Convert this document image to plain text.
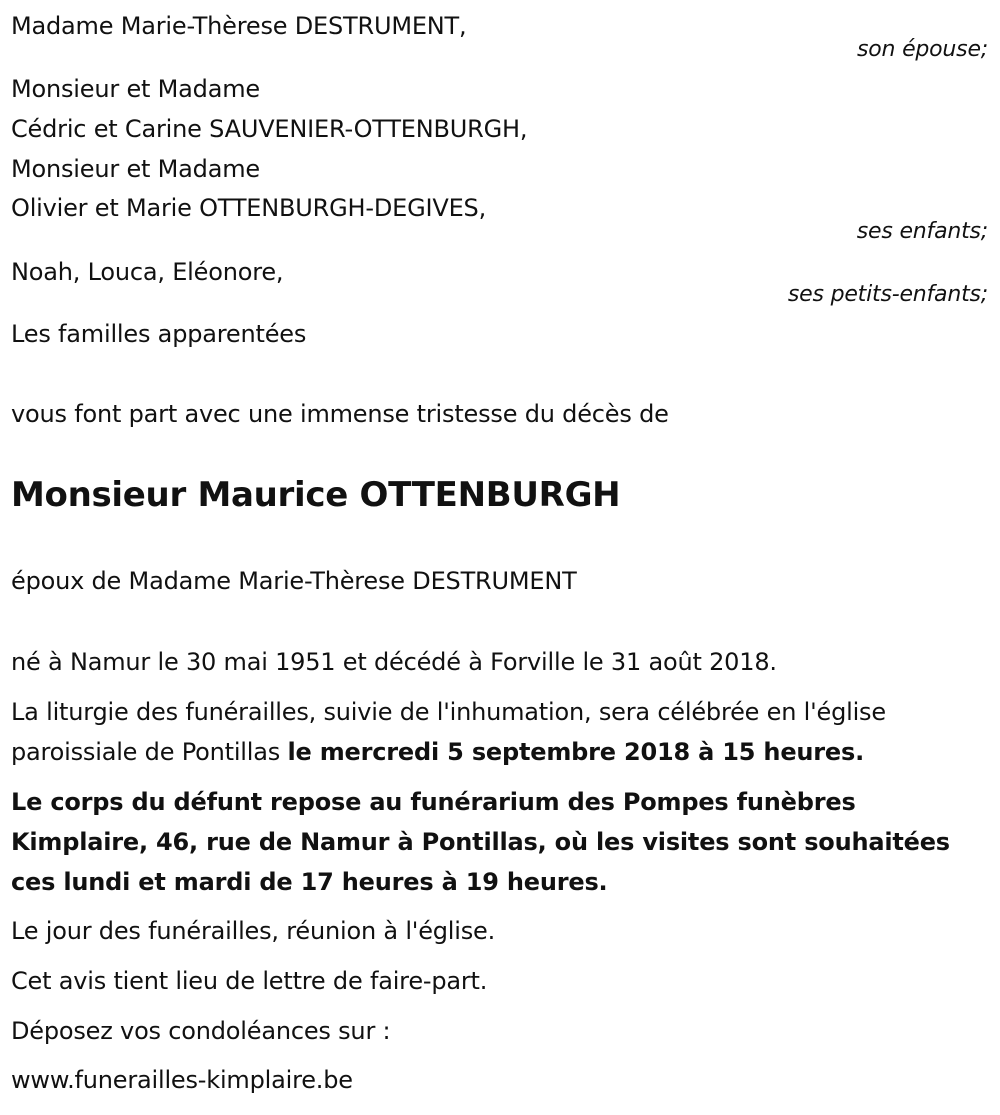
Madame Marie-Thèrese DESTRUMENT,
son épouse;
Monsieur et Madame
Cédric et Carine SAUVENIER-OTTENBURGH,
Monsieur et Madame
Olivier et Marie OTTENBURGH-DEGIVES,
ses enfants;
Noah, Louca, Eléonore,
ses petits-enfants;
Les familles apparentées
vous font part avec une immense tristesse du décès de
Monsieur Maurice OTTENBURGH
époux de Madame Marie-Thèrese DESTRUMENT
né à Namur le 30 mai 1951 et décédé à Forville le 31 août 2018.
La liturgie des funérailles, suivie de l'inhumation, sera célébrée en l'église
paroissiale de Pontillas le mercredi 5 septembre 2018 à 15 heures.
Le corps du défunt repose au funérarium des Pompes funèbres
Kimplaire, 46, rue de Namur à Pontillas, où les visites sont souhaitées
ces lundi et mardi de 17 heures à 19 heures.
Le jour des funérailles, réunion à l'église.
Cet avis tient lieu de lettre de faire-part.
Déposez vos condoléances sur :
www.funerailles-kimplaire.be
